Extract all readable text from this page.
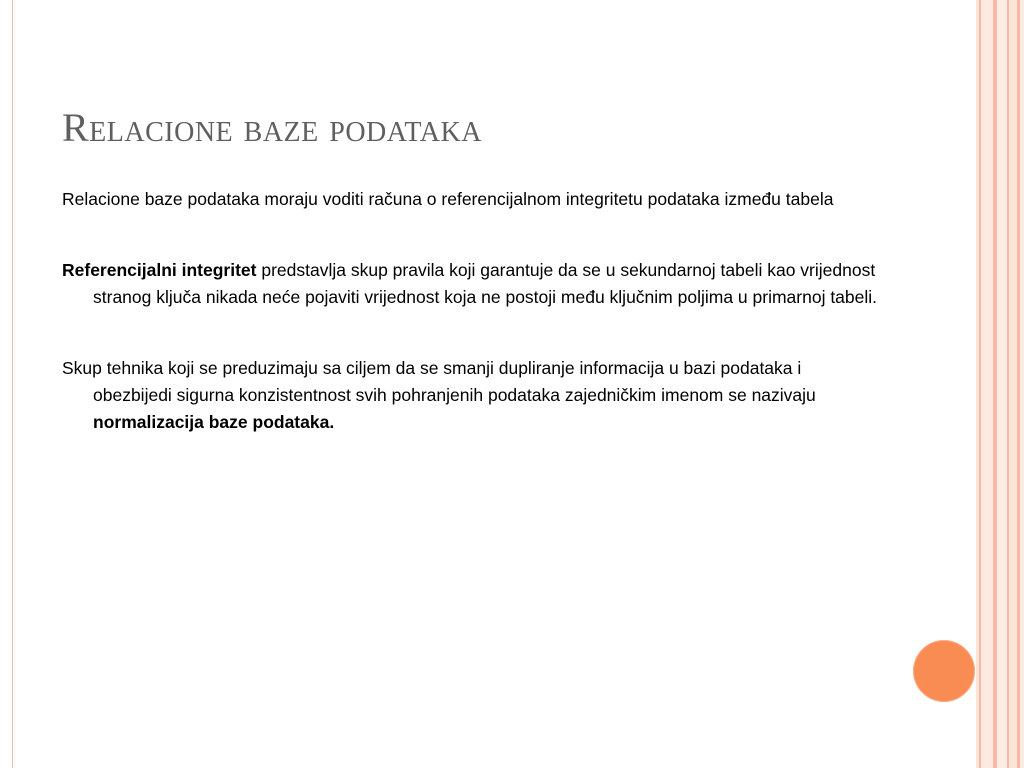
Relacione baze podataka

Relacione baze podataka moraju voditi računa o referencijalnom integritetu podataka između tabela

Referencijalni integritet predstavlja skup pravila koji garantuje da se u sekundarnoj tabeli kao vrijednost stranog ključa nikada neće pojaviti vrijednost koja ne postoji među ključnim poljima u primarnoj tabeli.

Skup tehnika koji se preduzimaju sa ciljem da se smanji dupliranje informacija u bazi podataka i obezbijedi sigurna konzistentnost svih pohranjenih podataka zajedničkim imenom se nazivaju normalizacija baze podataka.
